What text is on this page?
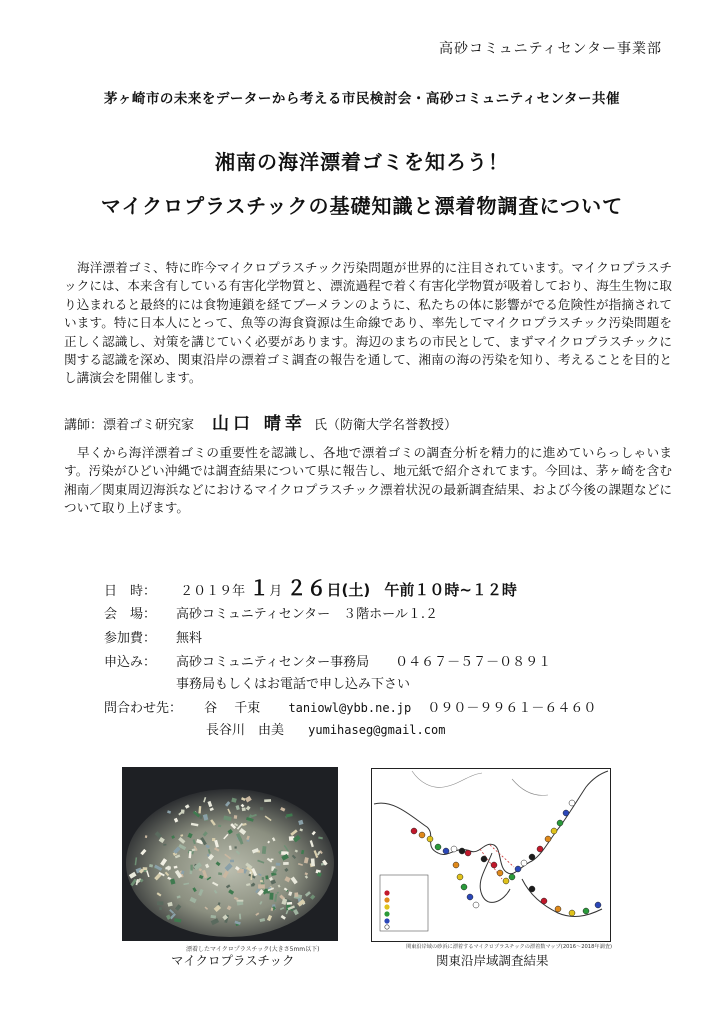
高砂コミュニティセンター事業部
茅ヶ崎市の未来をデーターから考える市民検討会・高砂コミュニティセンター共催
湘南の海洋漂着ゴミを知ろう！
マイクロプラスチックの基礎知識と漂着物調査について
海洋漂着ゴミ、特に昨今マイクロプラスチック汚染問題が世界的に注目されています。マイクロプラスチックには、本来含有している有害化学物質と、漂流過程で着く有害化学物質が吸着しており、海生生物に取り込まれると最終的には食物連鎖を経てブーメランのように、私たちの体に影響がでる危険性が指摘されています。特に日本人にとって、魚等の海食資源は生命線であり、率先してマイクロプラスチック汚染問題を正しく認識し、対策を講じていく必要があります。海辺のまちの市民として、まずマイクロプラスチックに関する認識を深め、関東沿岸の漂着ゴミ調査の報告を通して、湘南の海の汚染を知り、考えることを目的とし講演会を開催します。
講師：漂着ゴミ研究家 山口 晴幸 氏（防衛大学名誉教授）
早くから海洋漂着ゴミの重要性を認識し、各地で漂着ゴミの調査分析を精力的に進めていらっしゃいます。汚染がひどい沖縄では調査結果について県に報告し、地元紙で紹介されてます。今回は、茅ヶ崎を含む湘南／関東周辺海浜などにおけるマイクロプラスチック漂着状況の最新調査結果、および今後の課題などについて取り上げます。
日　時： ２０１９年 １月 ２６日(土) 午前１０時~１２時
会　場： 高砂コミュニティセンター　３階ホール１.２
参加費： 無料
申込み： 高砂コミュニティセンター事務局　　０４６７－５７－０８９１
事務局もしくはお電話で申し込み下さい
問合わせ先： 谷　 千束 taniowl@ybb.ne.jp ０９０－９９６１－６４６０
長谷川　由美 yumihaseg@gmail.com
漂着したマイクロプラスチック(大きさ5mm以下)
マイクロプラスチック
関東沿岸域の砂浜に漂着するマイクロプラスチックの漂着数マップ(2016～2018年調査)
関東沿岸域調査結果
